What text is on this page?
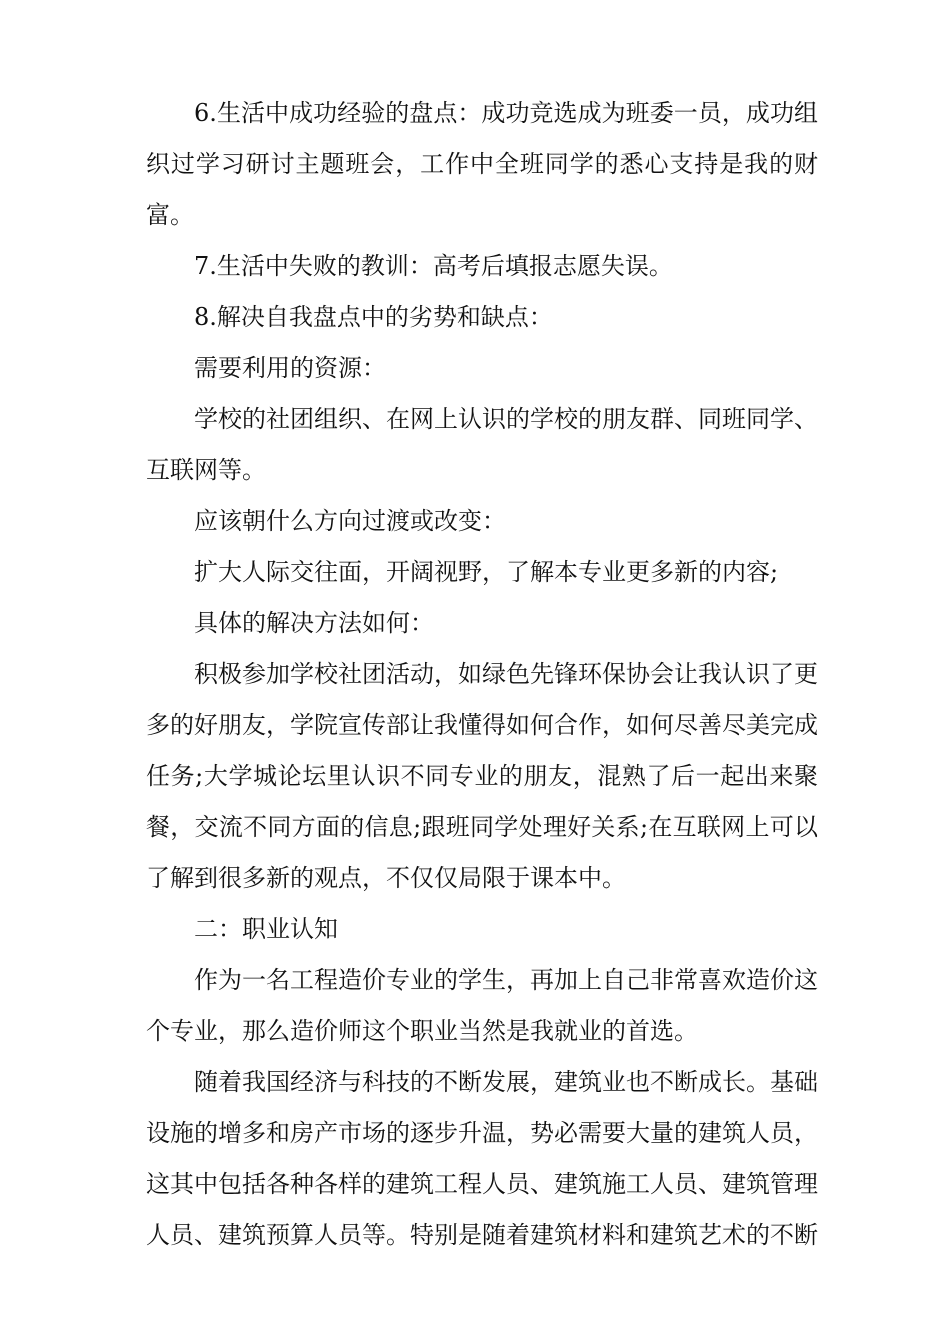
6.生活中成功经验的盘点：成功竞选成为班委一员，成功组织过学习研讨主题班会，工作中全班同学的悉心支持是我的财富。

7.生活中失败的教训：高考后填报志愿失误。

8.解决自我盘点中的劣势和缺点：

需要利用的资源：

学校的社团组织、在网上认识的学校的朋友群、同班同学、互联网等。

应该朝什么方向过渡或改变：

扩大人际交往面，开阔视野，了解本专业更多新的内容;

具体的解决方法如何：

积极参加学校社团活动，如绿色先锋环保协会让我认识了更多的好朋友，学院宣传部让我懂得如何合作，如何尽善尽美完成任务;大学城论坛里认识不同专业的朋友，混熟了后一起出来聚餐，交流不同方面的信息;跟班同学处理好关系;在互联网上可以了解到很多新的观点，不仅仅局限于课本中。

二：职业认知

作为一名工程造价专业的学生，再加上自己非常喜欢造价这个专业，那么造价师这个职业当然是我就业的首选。

随着我国经济与科技的不断发展，建筑业也不断成长。基础设施的增多和房产市场的逐步升温，势必需要大量的建筑人员，这其中包括各种各样的建筑工程人员、建筑施工人员、建筑管理人员、建筑预算人员等。特别是随着建筑材料和建筑艺术的不断
